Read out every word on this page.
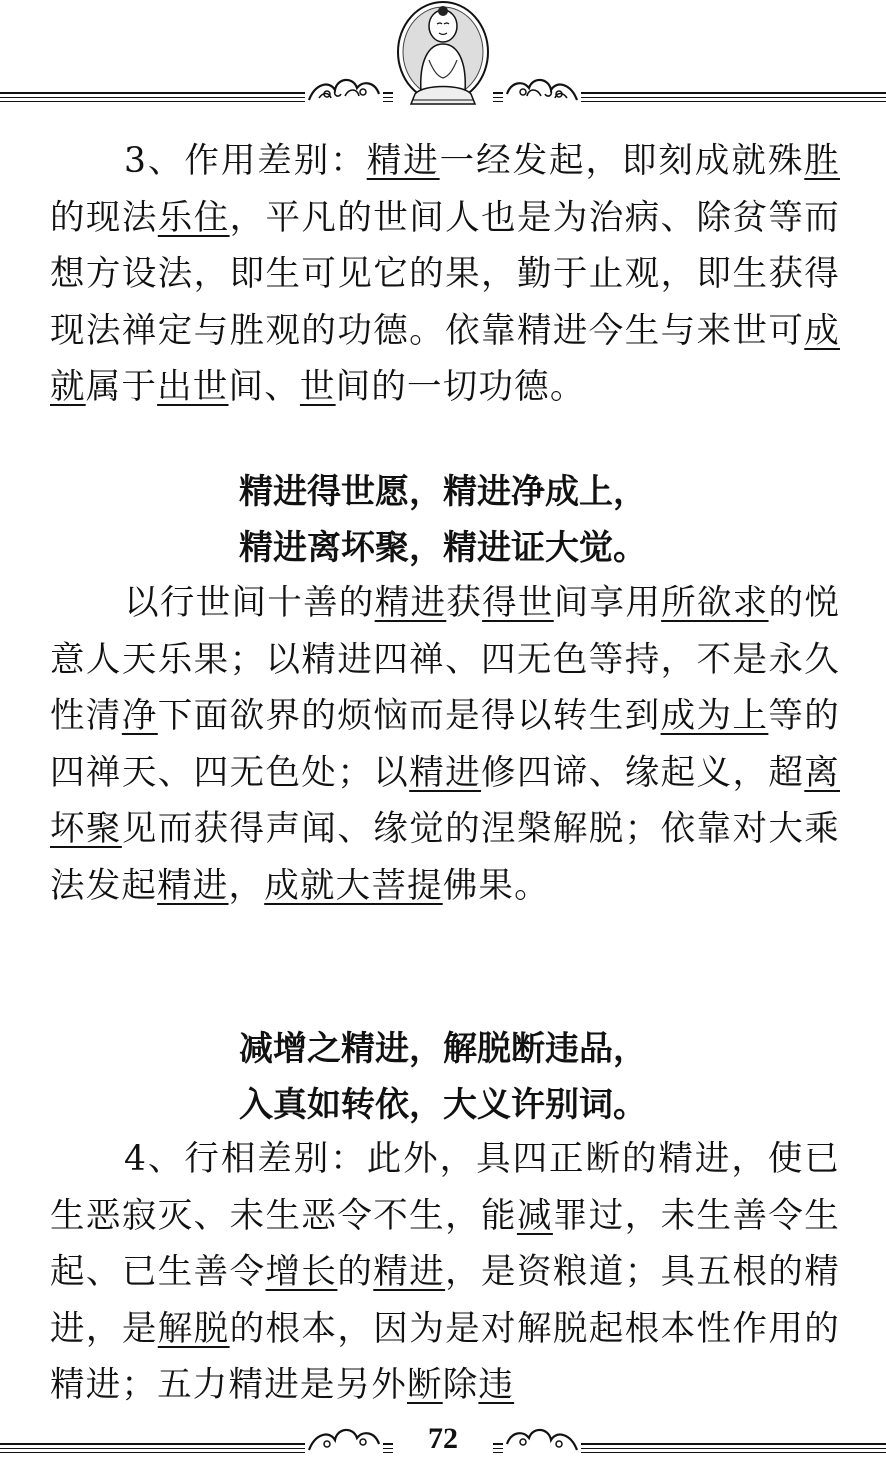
3、作用差别：精进一经发起，即刻成就殊胜的现法乐住，平凡的世间人也是为治病、除贫等而想方设法，即生可见它的果，勤于止观，即生获得现法禅定与胜观的功德。依靠精进今生与来世可成就属于出世间、世间的一切功德。

精进得世愿，精进净成上，
精进离坏聚，精进证大觉。

以行世间十善的精进获得世间享用所欲求的悦意人天乐果；以精进四禅、四无色等持，不是永久性清净下面欲界的烦恼而是得以转生到成为上等的四禅天、四无色处；以精进修四谛、缘起义，超离坏聚见而获得声闻、缘觉的涅槃解脱；依靠对大乘法发起精进，成就大菩提佛果。

减增之精进，解脱断违品，
入真如转依，大义许别词。

4、行相差别：此外，具四正断的精进，使已生恶寂灭、未生恶令不生，能减罪过，未生善令生起、已生善令增长的精进，是资粮道；具五根的精进，是解脱的根本，因为是对解脱起根本性作用的精进；五力精进是另外断除违

72
